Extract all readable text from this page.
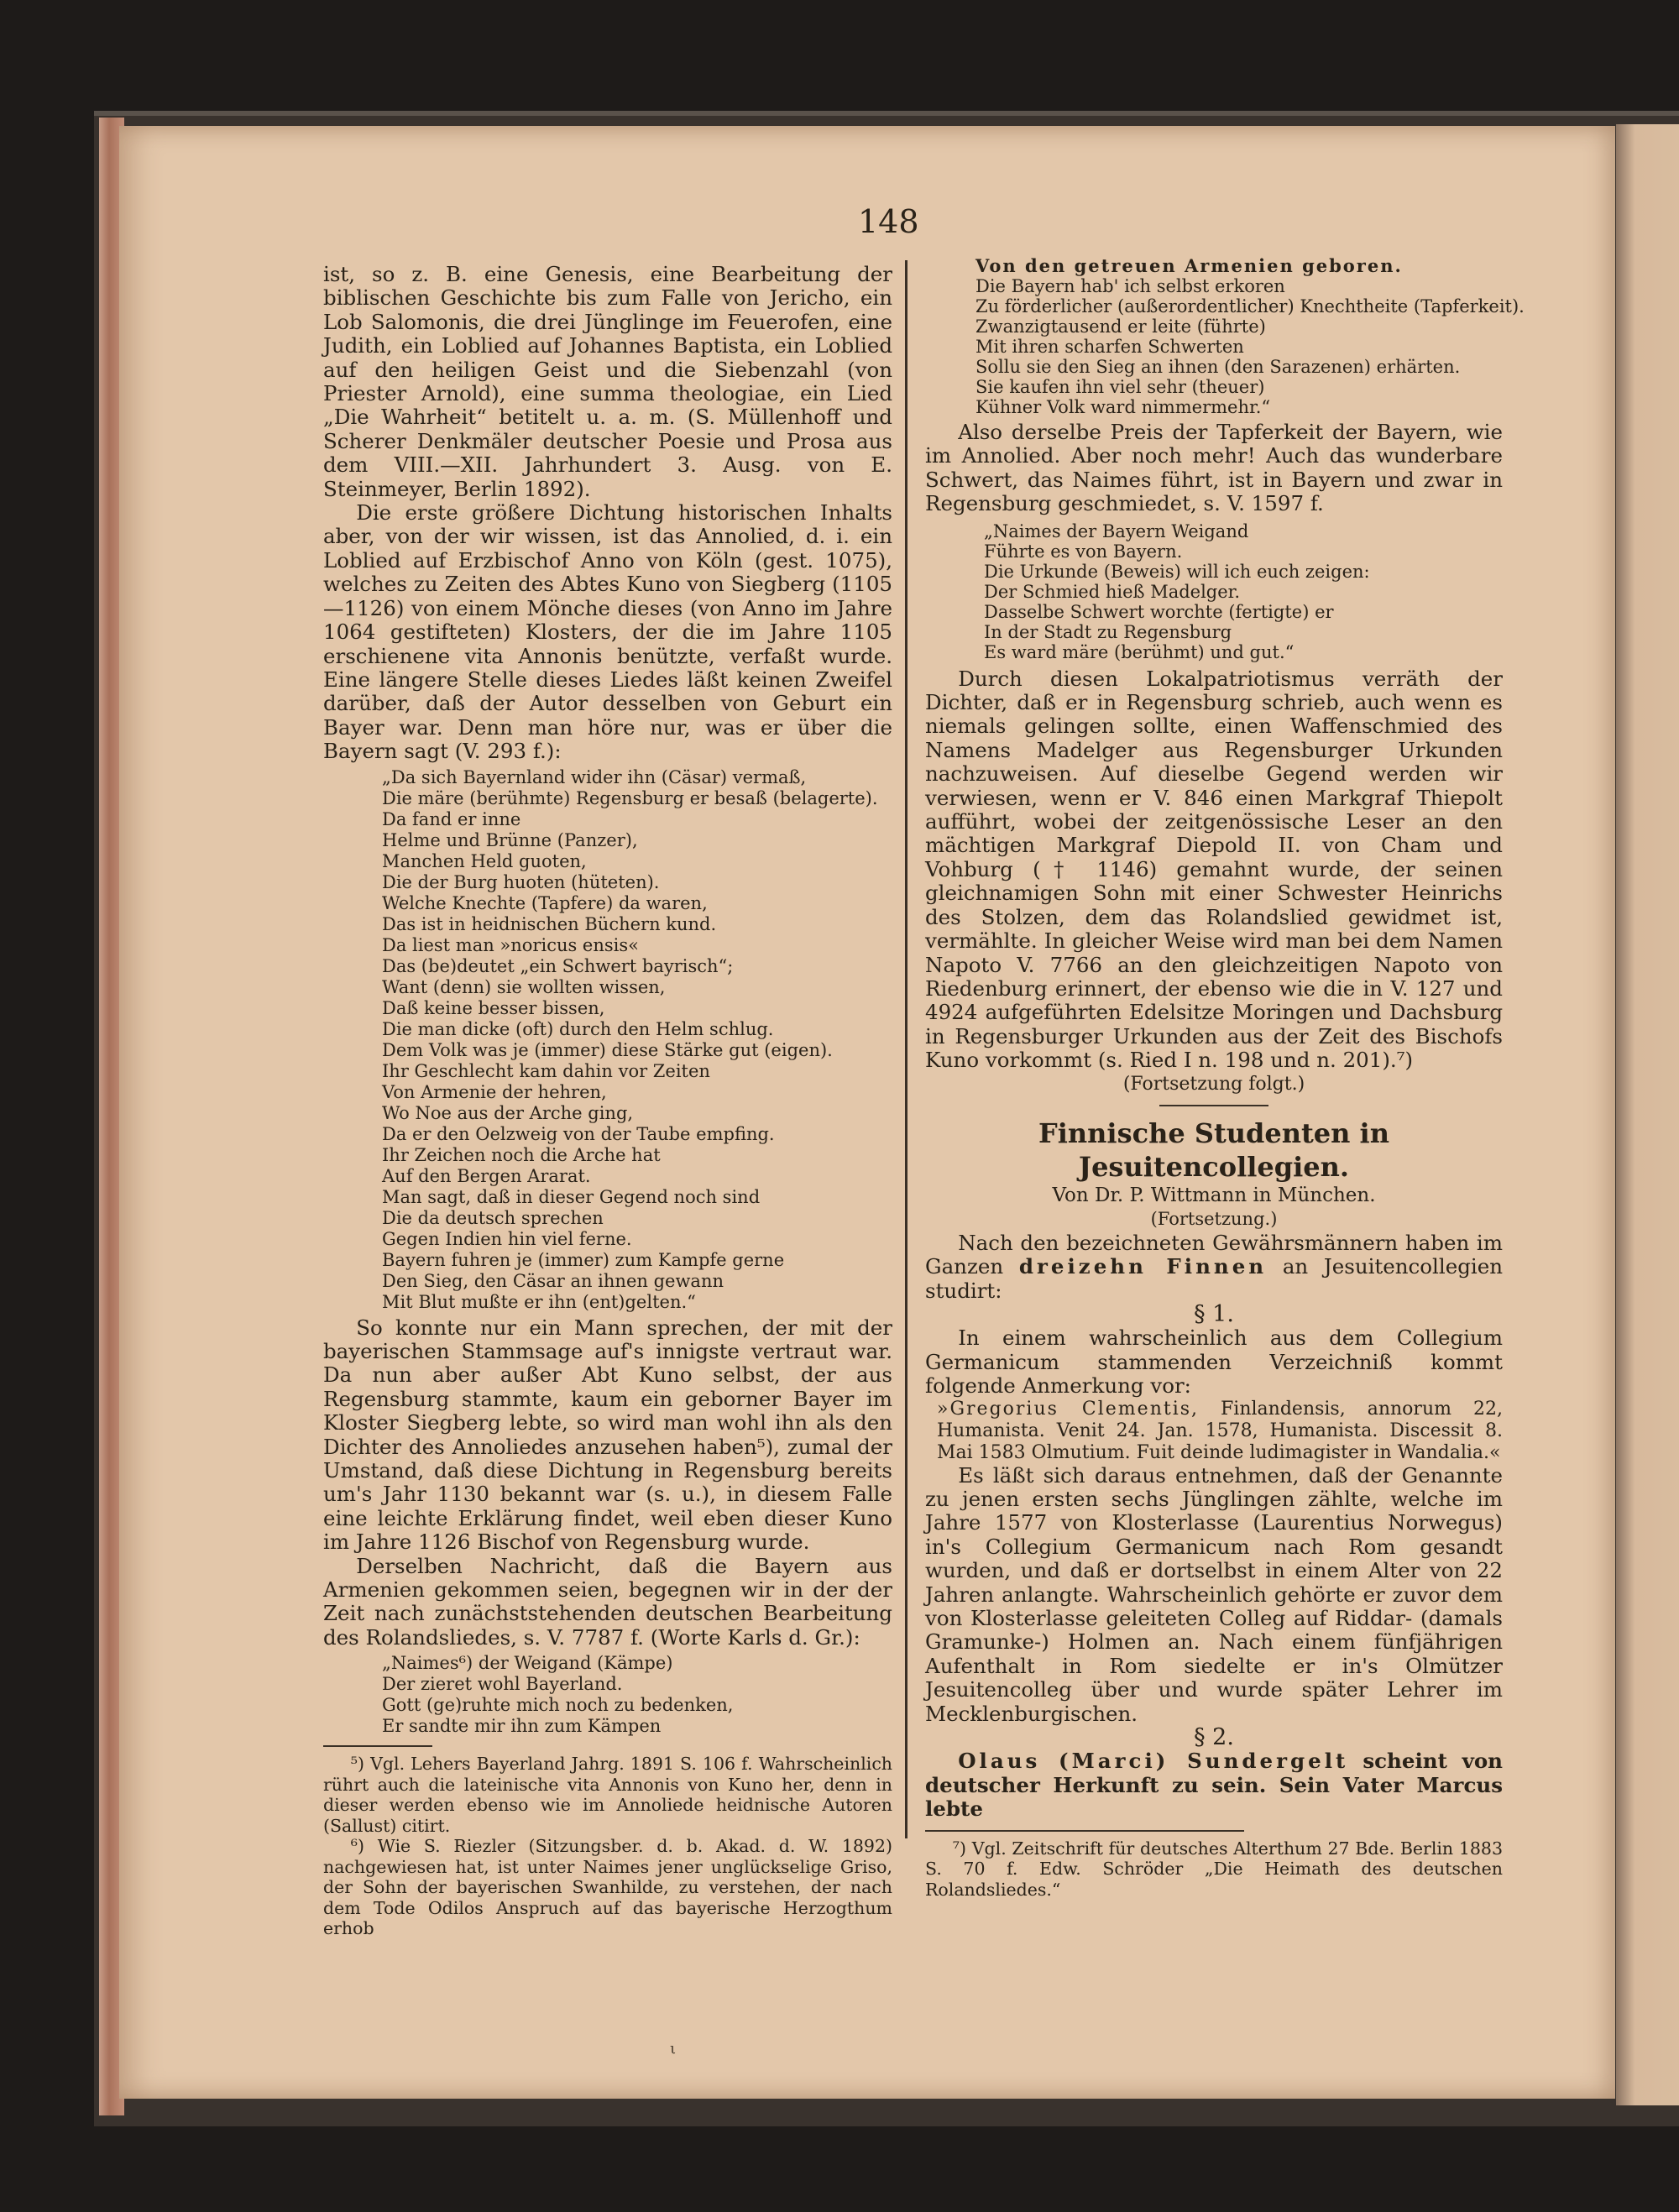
148

ist, so z. B. eine Genesis, eine Bearbeitung der biblischen Geschichte bis zum Falle von Jericho, ein Lob Salomonis, die drei Jünglinge im Feuerofen, eine Judith, ein Loblied auf Johannes Baptista, ein Loblied auf den heiligen Geist und die Siebenzahl (von Priester Arnold), eine summa theologiae, ein Lied „Die Wahrheit“ betitelt u. a. m. (S. Müllenhoff und Scherer Denkmäler deutscher Poesie und Prosa aus dem VIII.—XII. Jahrhundert 3. Ausg. von E. Steinmeyer, Berlin 1892).

Die erste größere Dichtung historischen Inhalts aber, von der wir wissen, ist das Annolied, d. i. ein Loblied auf Erzbischof Anno von Köln (gest. 1075), welches zu Zeiten des Abtes Kuno von Siegberg (1105—1126) von einem Mönche dieses (von Anno im Jahre 1064 gestifteten) Klosters, der die im Jahre 1105 erschienene vita Annonis benützte, verfaßt wurde. Eine längere Stelle dieses Liedes läßt keinen Zweifel darüber, daß der Autor desselben von Geburt ein Bayer war. Denn man höre nur, was er über die Bayern sagt (V. 293 f.):

„Da sich Bayernland wider ihn (Cäsar) vermaß,
Die märe (berühmte) Regensburg er besaß (belagerte).
Da fand er inne
Helme und Brünne (Panzer),
Manchen Held guoten,
Die der Burg huoten (hüteten).
Welche Knechte (Tapfere) da waren,
Das ist in heidnischen Büchern kund.
Da liest man »noricus ensis«
Das (be)deutet „ein Schwert bayrisch“;
Want (denn) sie wollten wissen,
Daß keine besser bissen,
Die man dicke (oft) durch den Helm schlug.
Dem Volk was je (immer) diese Stärke gut (eigen).
Ihr Geschlecht kam dahin vor Zeiten
Von Armenie der hehren,
Wo Noe aus der Arche ging,
Da er den Oelzweig von der Taube empfing.
Ihr Zeichen noch die Arche hat
Auf den Bergen Ararat.
Man sagt, daß in dieser Gegend noch sind
Die da deutsch sprechen
Gegen Indien hin viel ferne.
Bayern fuhren je (immer) zum Kampfe gerne
Den Sieg, den Cäsar an ihnen gewann
Mit Blut mußte er ihn (ent)gelten.“

So konnte nur ein Mann sprechen, der mit der bayerischen Stammsage auf's innigste vertraut war. Da nun aber außer Abt Kuno selbst, der aus Regensburg stammte, kaum ein geborner Bayer im Kloster Siegberg lebte, so wird man wohl ihn als den Dichter des Annoliedes anzusehen haben⁵), zumal der Umstand, daß diese Dichtung in Regensburg bereits um's Jahr 1130 bekannt war (s. u.), in diesem Falle eine leichte Erklärung findet, weil eben dieser Kuno im Jahre 1126 Bischof von Regensburg wurde.

Derselben Nachricht, daß die Bayern aus Armenien gekommen seien, begegnen wir in der der Zeit nach zunächststehenden deutschen Bearbeitung des Rolandsliedes, s. V. 7787 f. (Worte Karls d. Gr.):

„Naimes⁶) der Weigand (Kämpe)
Der zieret wohl Bayerland.
Gott (ge)ruhte mich noch zu bedenken,
Er sandte mir ihn zum Kämpen

⁵) Vgl. Lehers Bayerland Jahrg. 1891 S. 106 f. Wahrscheinlich rührt auch die lateinische vita Annonis von Kuno her, denn in dieser werden ebenso wie im Annoliede heidnische Autoren (Sallust) citirt.

⁶) Wie S. Riezler (Sitzungsber. d. b. Akad. d. W. 1892) nachgewiesen hat, ist unter Naimes jener unglückselige Griso, der Sohn der bayerischen Swanhilde, zu verstehen, der nach dem Tode Odilos Anspruch auf das bayerische Herzogthum erhob

Von den getreuen Armenien geboren.
Die Bayern hab' ich selbst erkoren
Zu förderlicher (außerordentlicher) Knechtheite (Tapferkeit).
Zwanzigtausend er leite (führte)
Mit ihren scharfen Schwerten
Sollu sie den Sieg an ihnen (den Sarazenen) erhärten.
Sie kaufen ihn viel sehr (theuer)
Kühner Volk ward nimmermehr.“

Also derselbe Preis der Tapferkeit der Bayern, wie im Annolied. Aber noch mehr! Auch das wunderbare Schwert, das Naimes führt, ist in Bayern und zwar in Regensburg geschmiedet, s. V. 1597 f.

„Naimes der Bayern Weigand
Führte es von Bayern.
Die Urkunde (Beweis) will ich euch zeigen:
Der Schmied hieß Madelger.
Dasselbe Schwert worchte (fertigte) er
In der Stadt zu Regensburg
Es ward märe (berühmt) und gut.“

Durch diesen Lokalpatriotismus verräth der Dichter, daß er in Regensburg schrieb, auch wenn es niemals gelingen sollte, einen Waffenschmied des Namens Madelger aus Regensburger Urkunden nachzuweisen. Auf dieselbe Gegend werden wir verwiesen, wenn er V. 846 einen Markgraf Thiepolt aufführt, wobei der zeitgenössische Leser an den mächtigen Markgraf Diepold II. von Cham und Vohburg († 1146) gemahnt wurde, der seinen gleichnamigen Sohn mit einer Schwester Heinrichs des Stolzen, dem das Rolandslied gewidmet ist, vermählte. In gleicher Weise wird man bei dem Namen Napoto V. 7766 an den gleichzeitigen Napoto von Riedenburg erinnert, der ebenso wie die in V. 127 und 4924 aufgeführten Edelsitze Moringen und Dachsburg in Regensburger Urkunden aus der Zeit des Bischofs Kuno vorkommt (s. Ried I n. 198 und n. 201).⁷)

(Fortsetzung folgt.)

Finnische Studenten in Jesuitencollegien.
Von Dr. P. Wittmann in München.
(Fortsetzung.)

Nach den bezeichneten Gewährsmännern haben im Ganzen dreizehn Finnen an Jesuitencollegien studirt:

§ 1.

In einem wahrscheinlich aus dem Collegium Germanicum stammenden Verzeichniß kommt folgende Anmerkung vor:

»Gregorius Clementis, Finlandensis, annorum 22, Humanista. Venit 24. Jan. 1578, Humanista. Discessit 8. Mai 1583 Olmutium. Fuit deinde ludimagister in Wandalia.«

Es läßt sich daraus entnehmen, daß der Genannte zu jenen ersten sechs Jünglingen zählte, welche im Jahre 1577 von Klosterlasse (Laurentius Norwegus) in's Collegium Germanicum nach Rom gesandt wurden, und daß er dortselbst in einem Alter von 22 Jahren anlangte. Wahrscheinlich gehörte er zuvor dem von Klosterlasse geleiteten Colleg auf Riddar- (damals Gramunke-) Holmen an. Nach einem fünfjährigen Aufenthalt in Rom siedelte er in's Olmützer Jesuitencolleg über und wurde später Lehrer im Mecklenburgischen.

§ 2.

Olaus (Marci) Sundergelt scheint von deutscher Herkunft zu sein. Sein Vater Marcus lebte

⁷) Vgl. Zeitschrift für deutsches Alterthum 27 Bde. Berlin 1883 S. 70 f. Edw. Schröder „Die Heimath des deutschen Rolandsliedes.“

ι
